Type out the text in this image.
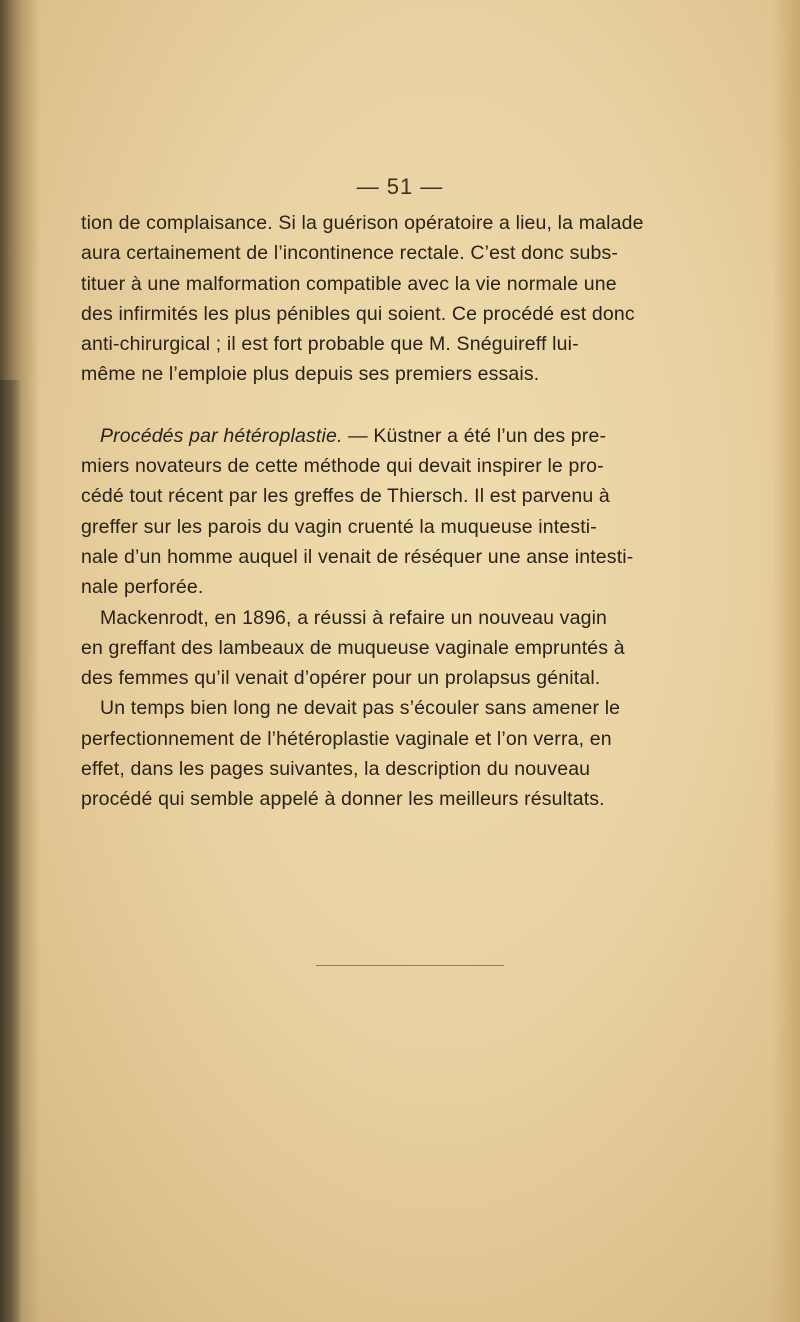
— 51 —

tion de complaisance. Si la guérison opératoire a lieu, la malade
aura certainement de l’incontinence rectale. C’est donc subs-
tituer à une malformation compatible avec la vie normale une
des infirmités les plus pénibles qui soient. Ce procédé est donc
anti-chirurgical ; il est fort probable que M. Snéguireff lui-
même ne l’emploie plus depuis ses premiers essais.

Procédés par hétéroplastie. — Küstner a été l’un des pre-
miers novateurs de cette méthode qui devait inspirer le pro-
cédé tout récent par les greffes de Thiersch. Il est parvenu à
greffer sur les parois du vagin cruenté la muqueuse intesti-
nale d’un homme auquel il venait de réséquer une anse intesti-
nale perforée.

Mackenrodt, en 1896, a réussi à refaire un nouveau vagin
en greffant des lambeaux de muqueuse vaginale empruntés à
des femmes qu’il venait d’opérer pour un prolapsus génital.

Un temps bien long ne devait pas s’écouler sans amener le
perfectionnement de l’hétéroplastie vaginale et l’on verra, en
effet, dans les pages suivantes, la description du nouveau
procédé qui semble appelé à donner les meilleurs résultats.
